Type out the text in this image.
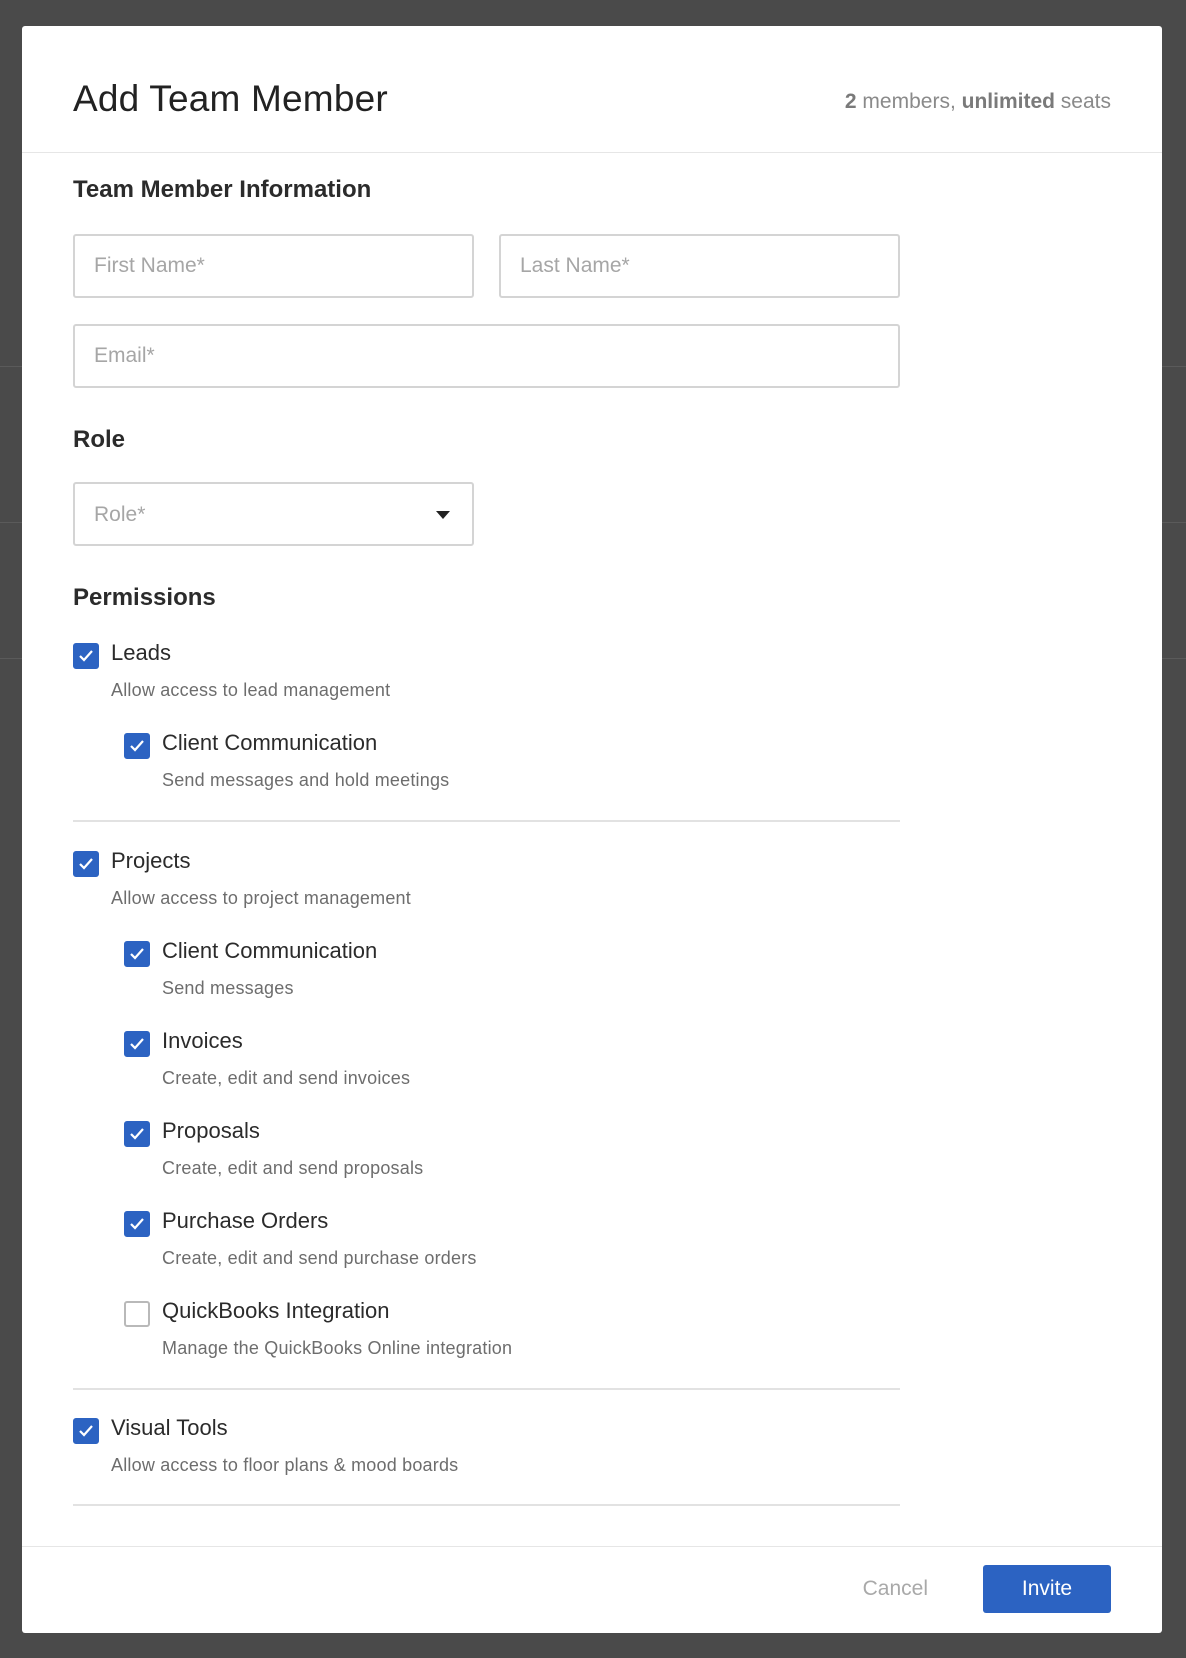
Add Team Member	2 members, unlimited seats
Team Member Information
First Name*
Last Name*
Email*
Role
Role*
Permissions
Leads
Allow access to lead management
Client Communication
Send messages and hold meetings
Projects
Allow access to project management
Client Communication
Send messages
Invoices
Create, edit and send invoices
Proposals
Create, edit and send proposals
Purchase Orders
Create, edit and send purchase orders
QuickBooks Integration
Manage the QuickBooks Online integration
Visual Tools
Allow access to floor plans & mood boards
Cancel	Invite
